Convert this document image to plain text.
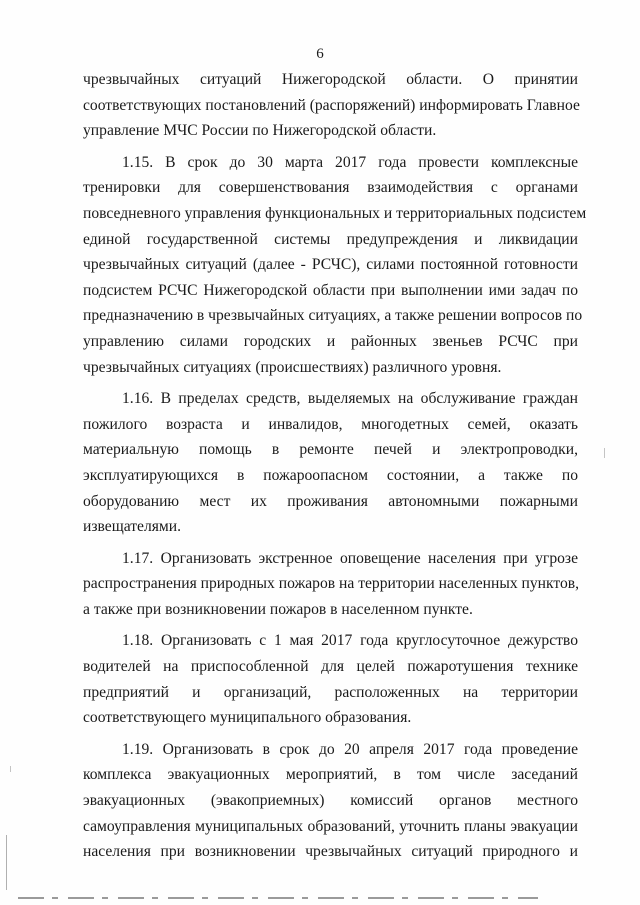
6
чрезвычайных ситуаций Нижегородской области. О принятии
соответствующих постановлений (распоряжений) информировать Главное
управление МЧС России по Нижегородской области.
1.15. В срок до 30 марта 2017 года провести комплексные
тренировки для совершенствования взаимодействия с органами
повседневного управления функциональных и территориальных подсистем
единой государственной системы предупреждения и ликвидации
чрезвычайных ситуаций (далее - РСЧС), силами постоянной готовности
подсистем РСЧС Нижегородской области при выполнении ими задач по
предназначению в чрезвычайных ситуациях, а также решении вопросов по
управлению силами городских и районных звеньев РСЧС при
чрезвычайных ситуациях (происшествиях) различного уровня.
1.16. В пределах средств, выделяемых на обслуживание граждан
пожилого возраста и инвалидов, многодетных семей, оказать
материальную помощь в ремонте печей и электропроводки,
эксплуатирующихся в пожароопасном состоянии, а также по
оборудованию мест их проживания автономными пожарными
извещателями.
1.17. Организовать экстренное оповещение населения при угрозе
распространения природных пожаров на территории населенных пунктов,
а также при возникновении пожаров в населенном пункте.
1.18. Организовать с 1 мая 2017 года круглосуточное дежурство
водителей на приспособленной для целей пожаротушения технике
предприятий и организаций, расположенных на территории
соответствующего муниципального образования.
1.19. Организовать в срок до 20 апреля 2017 года проведение
комплекса эвакуационных мероприятий, в том числе заседаний
эвакуационных (эвакоприемных) комиссий органов местного
самоуправления муниципальных образований, уточнить планы эвакуации
населения при возникновении чрезвычайных ситуаций природного и
